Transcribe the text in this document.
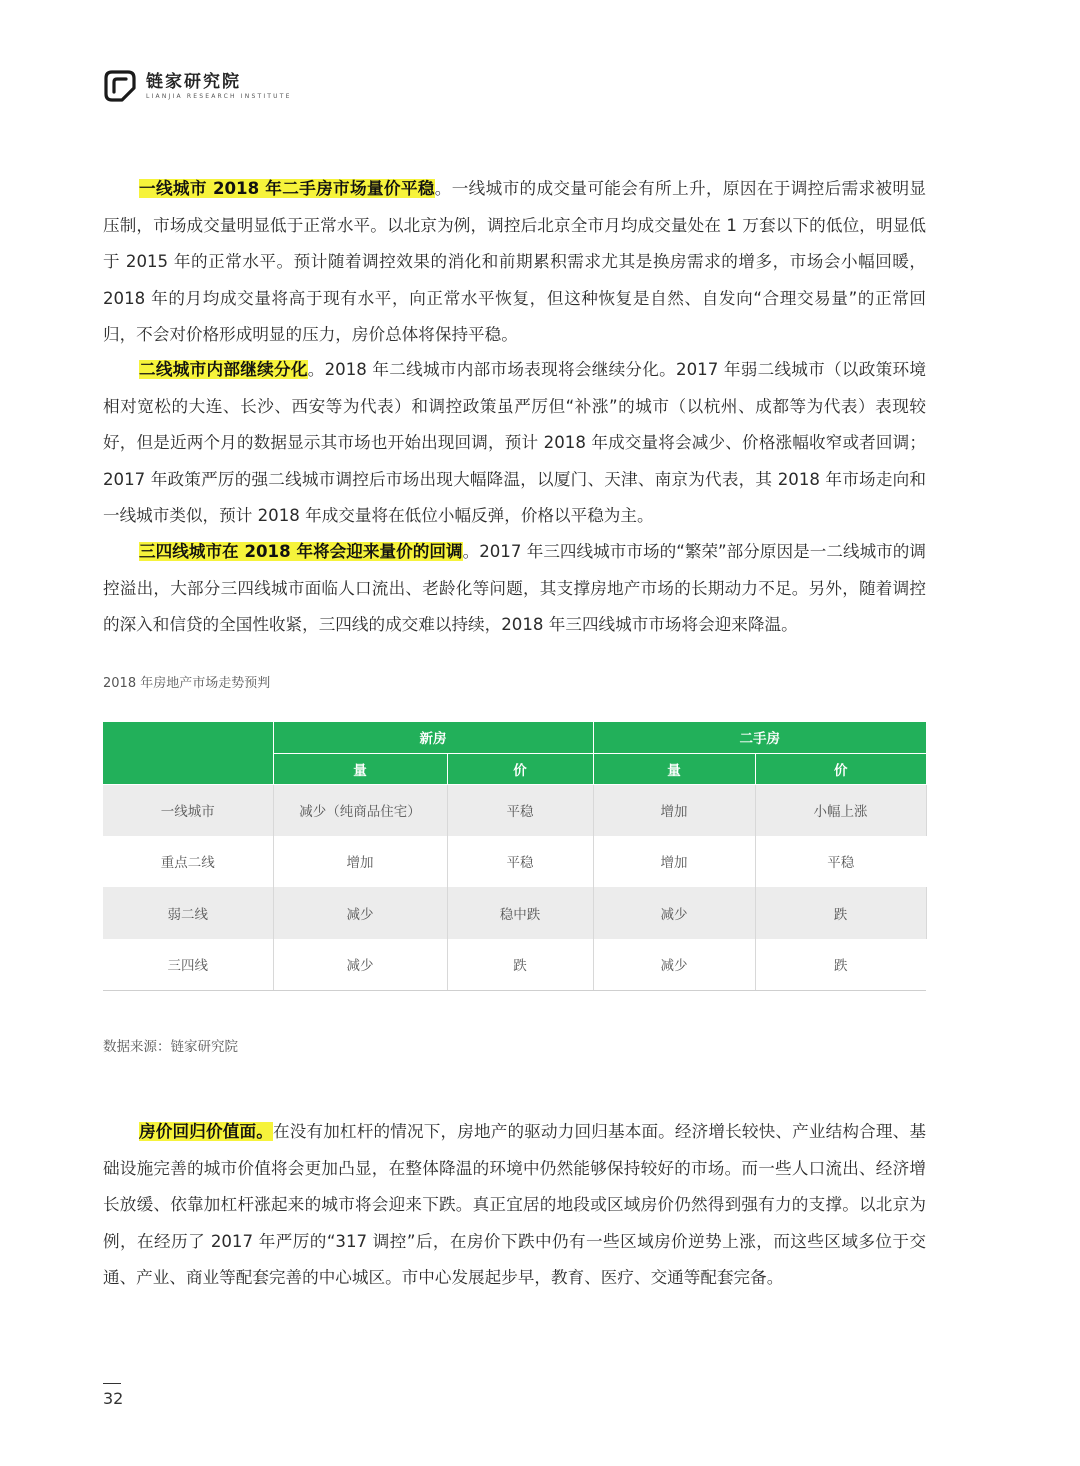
链家研究院
LIANJIA RESEARCH INSTITUTE
一线城市 2018 年二手房市场量价平稳。一线城市的成交量可能会有所上升，原因在于调控后需求被明显压制，市场成交量明显低于正常水平。以北京为例，调控后北京全市月均成交量处在 1 万套以下的低位，明显低于 2015 年的正常水平。预计随着调控效果的消化和前期累积需求尤其是换房需求的增多，市场会小幅回暖，2018 年的月均成交量将高于现有水平，向正常水平恢复，但这种恢复是自然、自发向“合理交易量”的正常回归，不会对价格形成明显的压力，房价总体将保持平稳。
二线城市内部继续分化。2018 年二线城市内部市场表现将会继续分化。2017 年弱二线城市（以政策环境相对宽松的大连、长沙、西安等为代表）和调控政策虽严厉但“补涨”的城市（以杭州、成都等为代表）表现较好，但是近两个月的数据显示其市场也开始出现回调，预计 2018 年成交量将会减少、价格涨幅收窄或者回调；2017 年政策严厉的强二线城市调控后市场出现大幅降温，以厦门、天津、南京为代表，其 2018 年市场走向和一线城市类似，预计 2018 年成交量将在低位小幅反弹，价格以平稳为主。
三四线城市在 2018 年将会迎来量价的回调。2017 年三四线城市市场的“繁荣”部分原因是一二线城市的调控溢出，大部分三四线城市面临人口流出、老龄化等问题，其支撑房地产市场的长期动力不足。另外，随着调控的深入和信贷的全国性收紧，三四线的成交难以持续，2018 年三四线城市市场将会迎来降温。
2018 年房地产市场走势预判
	新房		二手房	
	量	价	量	价
一线城市	减少（纯商品住宅）	平稳	增加	小幅上涨
重点二线	增加	平稳	增加	平稳
弱二线	减少	稳中跌	减少	跌
三四线	减少	跌	减少	跌
数据来源：链家研究院
房价回归价值面。在没有加杠杆的情况下，房地产的驱动力回归基本面。经济增长较快、产业结构合理、基础设施完善的城市价值将会更加凸显，在整体降温的环境中仍然能够保持较好的市场。而一些人口流出、经济增长放缓、依靠加杠杆涨起来的城市将会迎来下跌。真正宜居的地段或区域房价仍然得到强有力的支撑。以北京为例，在经历了 2017 年严厉的“317 调控”后，在房价下跌中仍有一些区域房价逆势上涨，而这些区域多位于交通、产业、商业等配套完善的中心城区。市中心发展起步早，教育、医疗、交通等配套完备。
32
